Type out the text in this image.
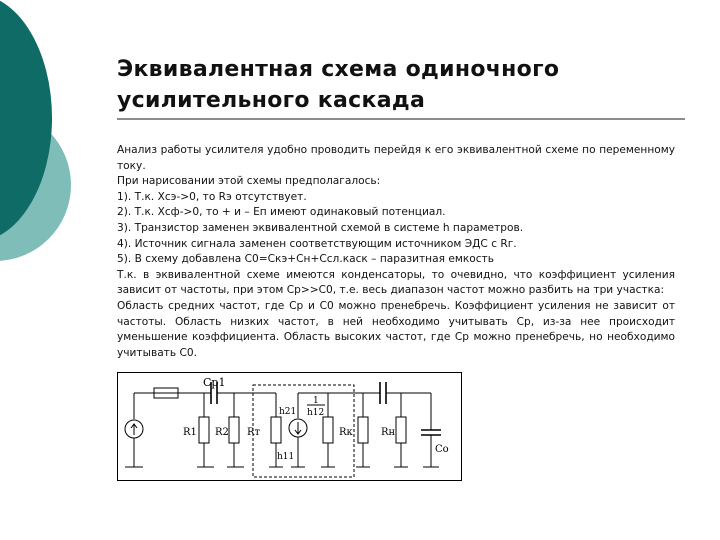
Эквивалентная схема одиночного усилительного каскада

Анализ работы усилителя удобно проводить перейдя к его эквивалентной схеме по переменному току.

При нарисовании этой схемы предполагалось:

1). Т.к. Хсэ->0, то Rэ отсутствует.

2). Т.к. Хсф->0, то + и – Еп имеют одинаковый потенциал.

3). Транзистор заменен эквивалентной схемой в системе h параметров.

4). Источник сигнала заменен соответствующим источником ЭДС с Rг.

5). В схему добавлена С0=Скэ+Сн+Ссл.каск – паразитная емкость

Т.к. в эквивалентной схеме имеются конденсаторы, то очевидно, что коэффициент усиления зависит от частоты, при этом Ср>>С0, т.е. весь диапазон частот можно разбить на три участка:

Область средних частот, где Ср и С0 можно пренебречь. Коэффициент усиления не зависит от частоты. Область низких частот, в ней необходимо учитывать Ср, из-за нее происходит уменьшение коэффициента. Область высоких частот, где Ср можно пренебречь, но необходимо учитывать С0.

Cp1
R1 R2 Rт
h21
1
h12
h11
Rк	Rн
Co
